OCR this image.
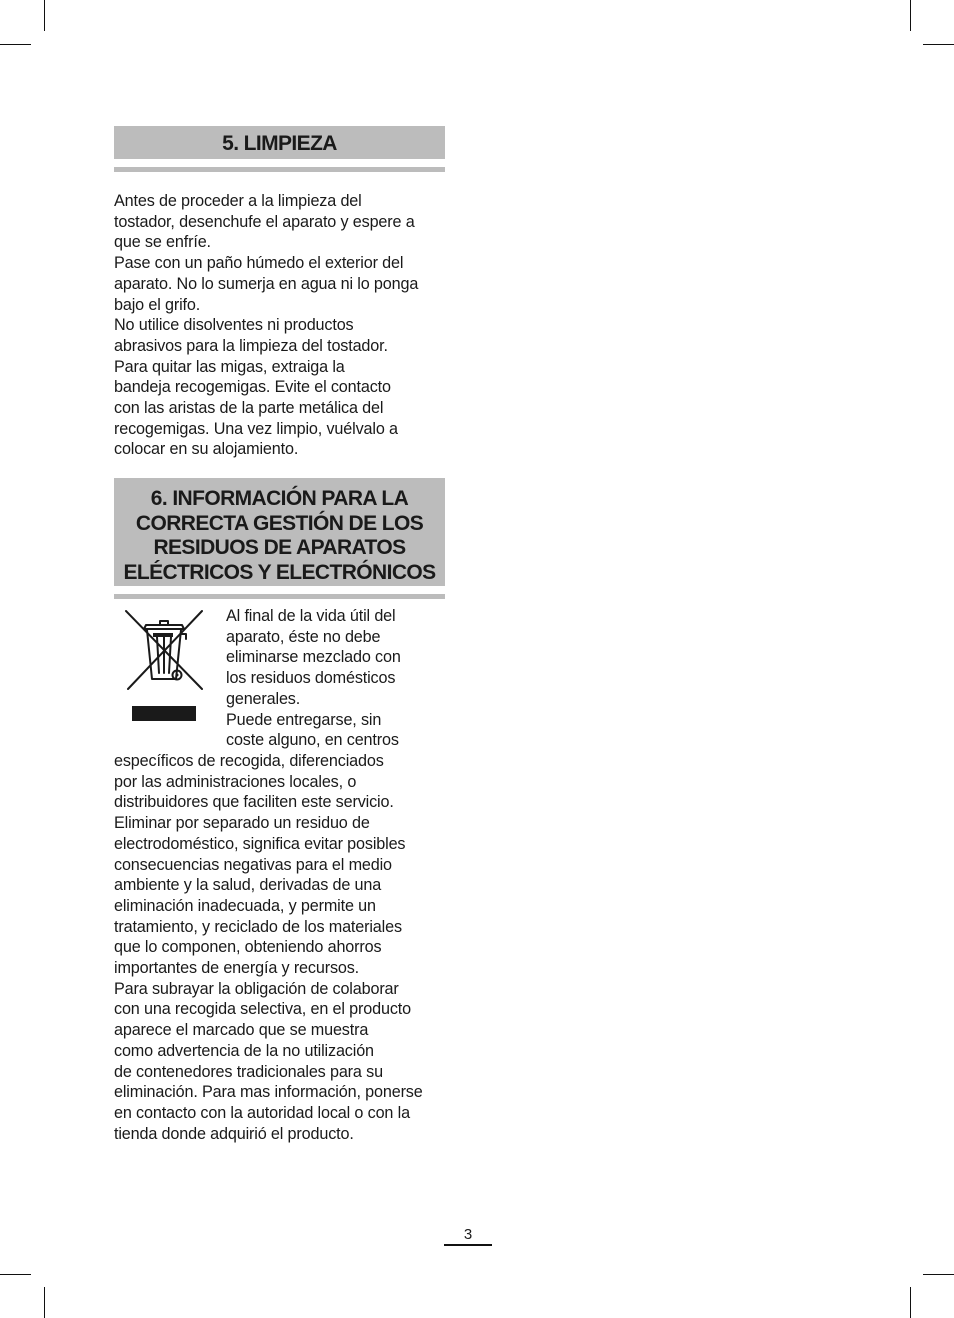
5. LIMPIEZA

Antes de proceder a la limpieza del

tostador, desenchufe el aparato y espere a

que se enfríe.

Pase con un paño húmedo el exterior del

aparato. No lo sumerja en agua ni lo ponga

bajo el grifo.

No utilice disolventes ni productos

abrasivos para la limpieza del tostador.

Para quitar las migas, extraiga la

bandeja recogemigas. Evite el contacto

con las aristas de la parte metálica del

recogemigas. Una vez limpio, vuélvalo a

colocar en su alojamiento.

6. INFORMACIÓN PARA LA
CORRECTA GESTIÓN DE LOS
RESIDUOS DE APARATOS
ELÉCTRICOS Y ELECTRÓNICOS

Al final de la vida útil del

aparato, éste no debe

eliminarse mezclado con

los residuos domésticos

generales.

Puede entregarse, sin

coste alguno, en centros

específicos de recogida, diferenciados

por las administraciones locales, o

distribuidores que faciliten este servicio.

Eliminar por separado un residuo de

electrodoméstico, significa evitar posibles

consecuencias negativas para el medio

ambiente y la salud, derivadas de una

eliminación inadecuada, y permite un

tratamiento, y reciclado de los materiales

que lo componen, obteniendo ahorros

importantes de energía y recursos.

Para subrayar la obligación de colaborar

con una recogida selectiva, en el producto

aparece el marcado que se muestra

como advertencia de la no utilización

de contenedores tradicionales para su

eliminación. Para mas información, ponerse

en contacto con la autoridad local o con la

tienda donde adquirió el producto.

3
